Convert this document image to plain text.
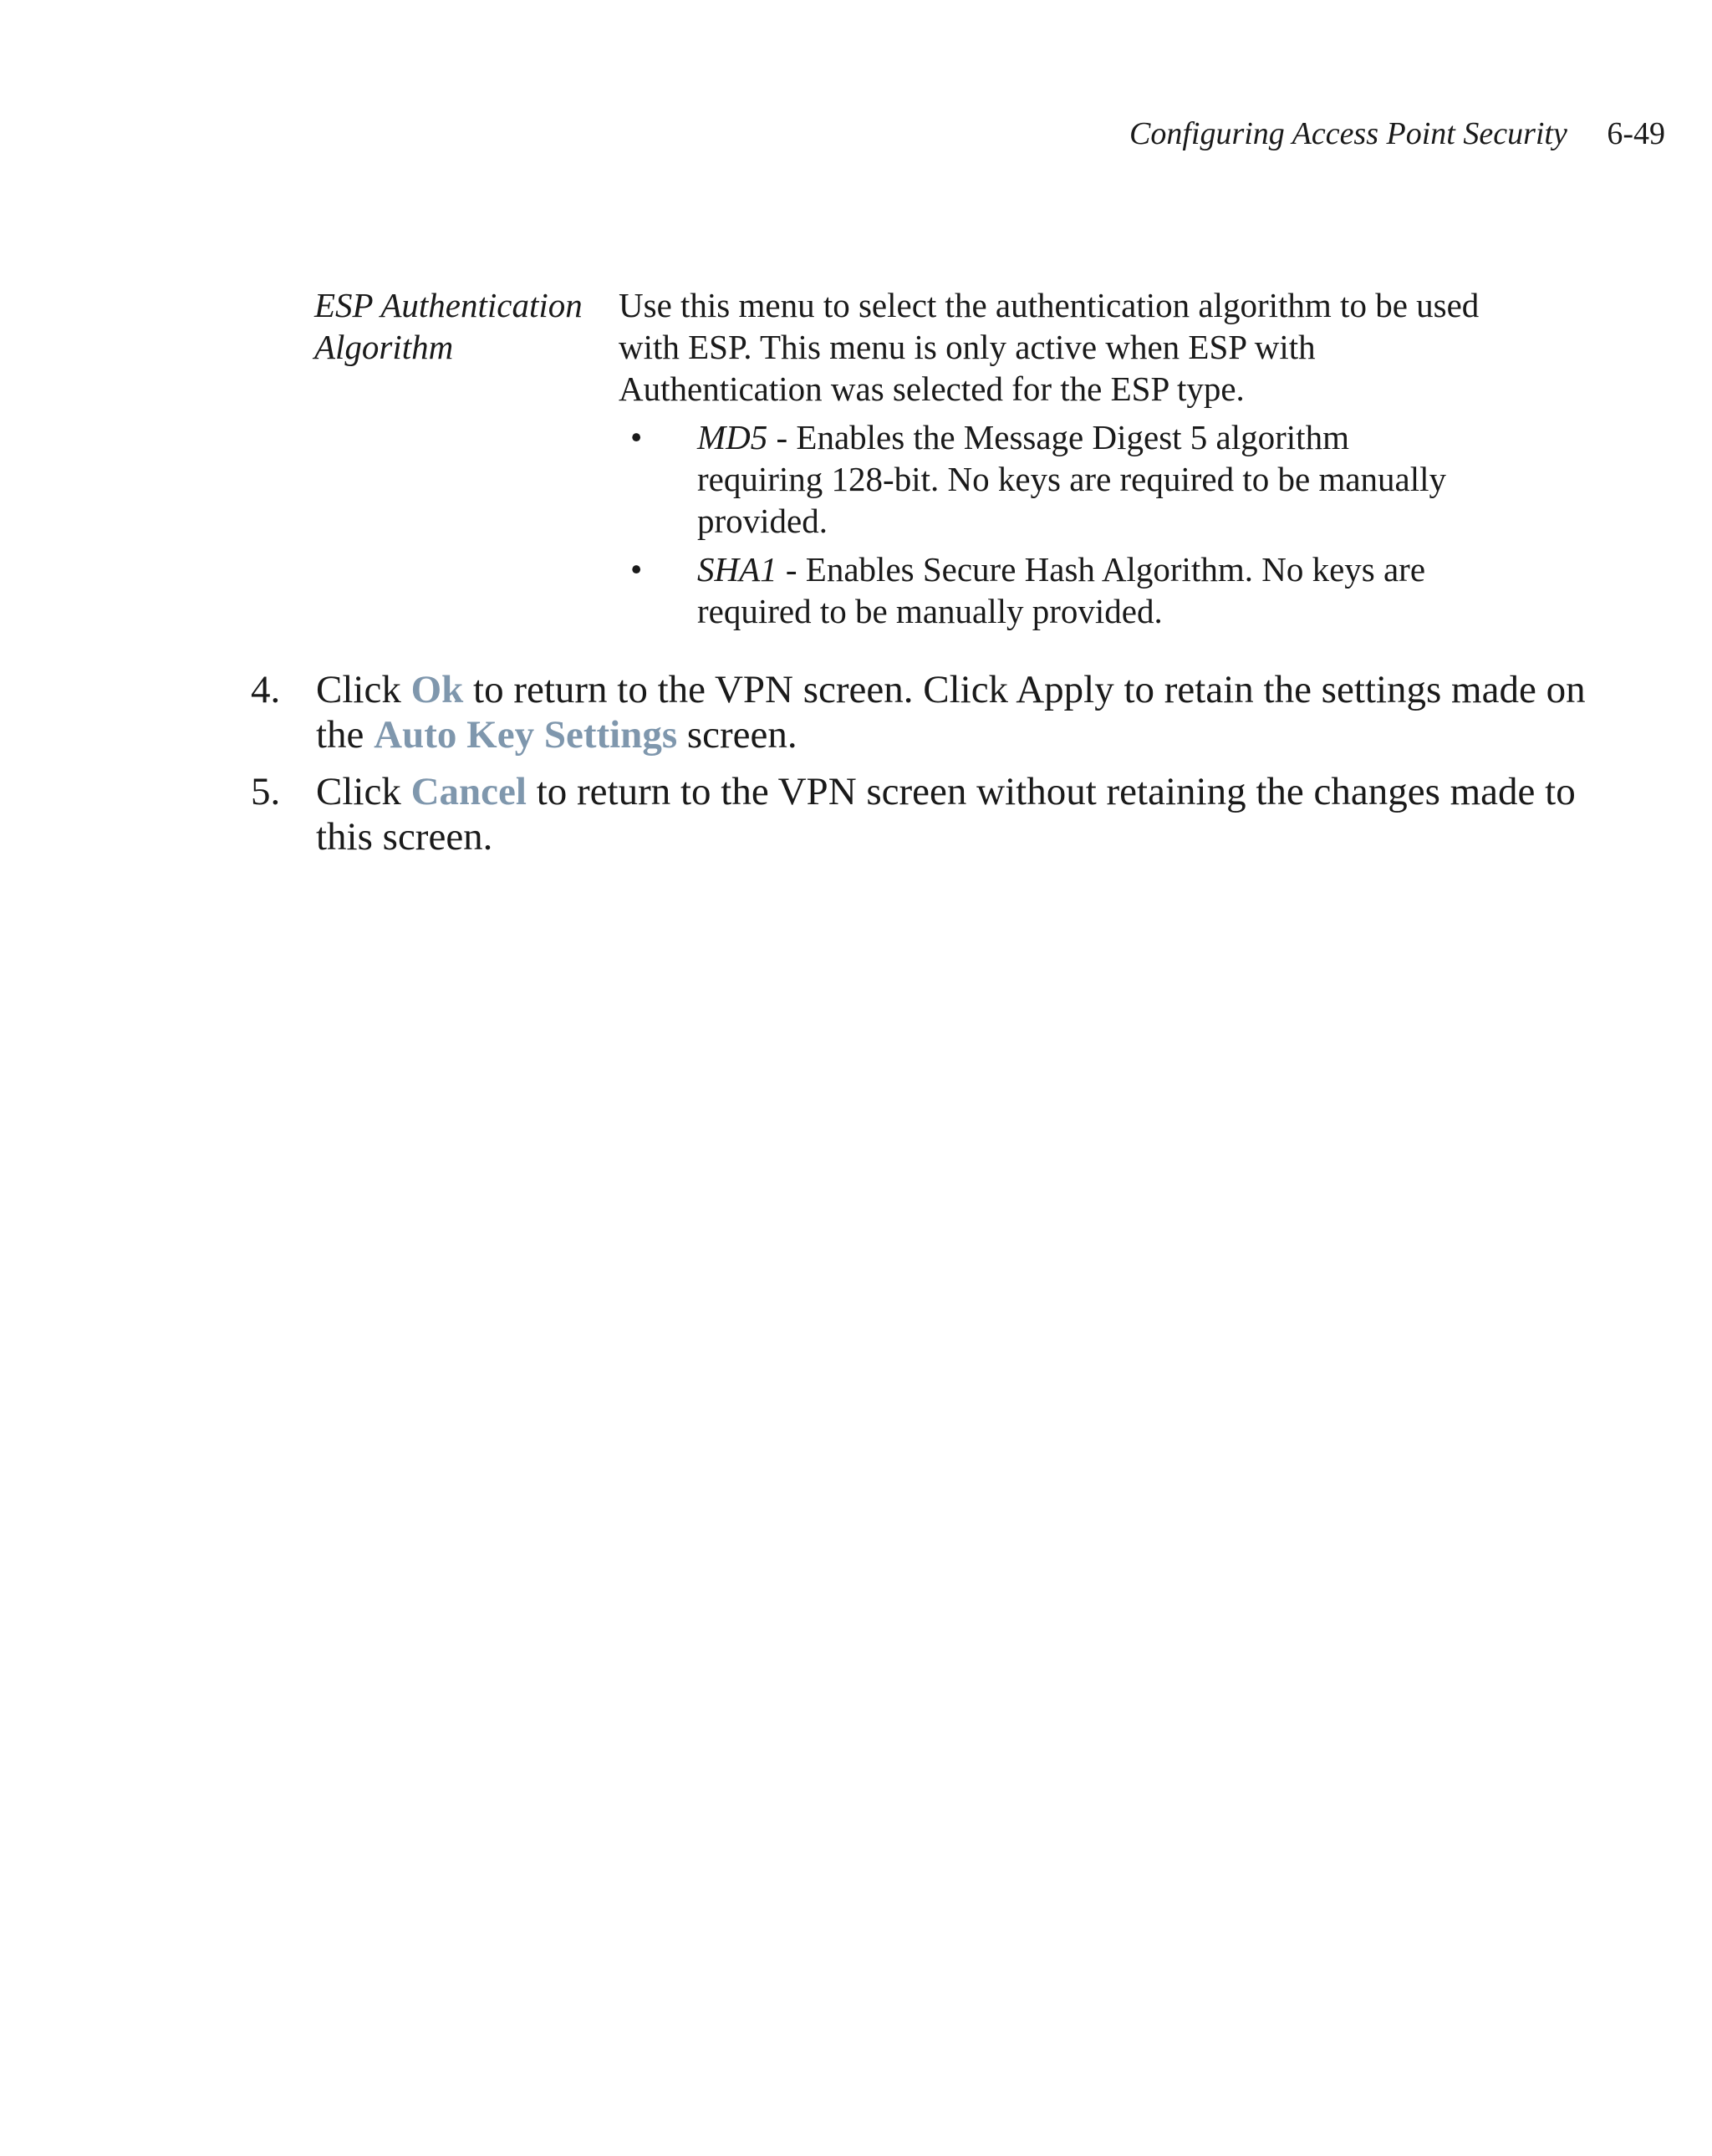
Configuring Access Point Security 6-49
ESP Authentication Algorithm
Use this menu to select the authentication algorithm to be used with ESP. This menu is only active when ESP with Authentication was selected for the ESP type.
• MD5 - Enables the Message Digest 5 algorithm requiring 128-bit. No keys are required to be manually provided.
• SHA1 - Enables Secure Hash Algorithm. No keys are required to be manually provided.
4. Click Ok to return to the VPN screen. Click Apply to retain the settings made on the Auto Key Settings screen.
5. Click Cancel to return to the VPN screen without retaining the changes made to this screen.
